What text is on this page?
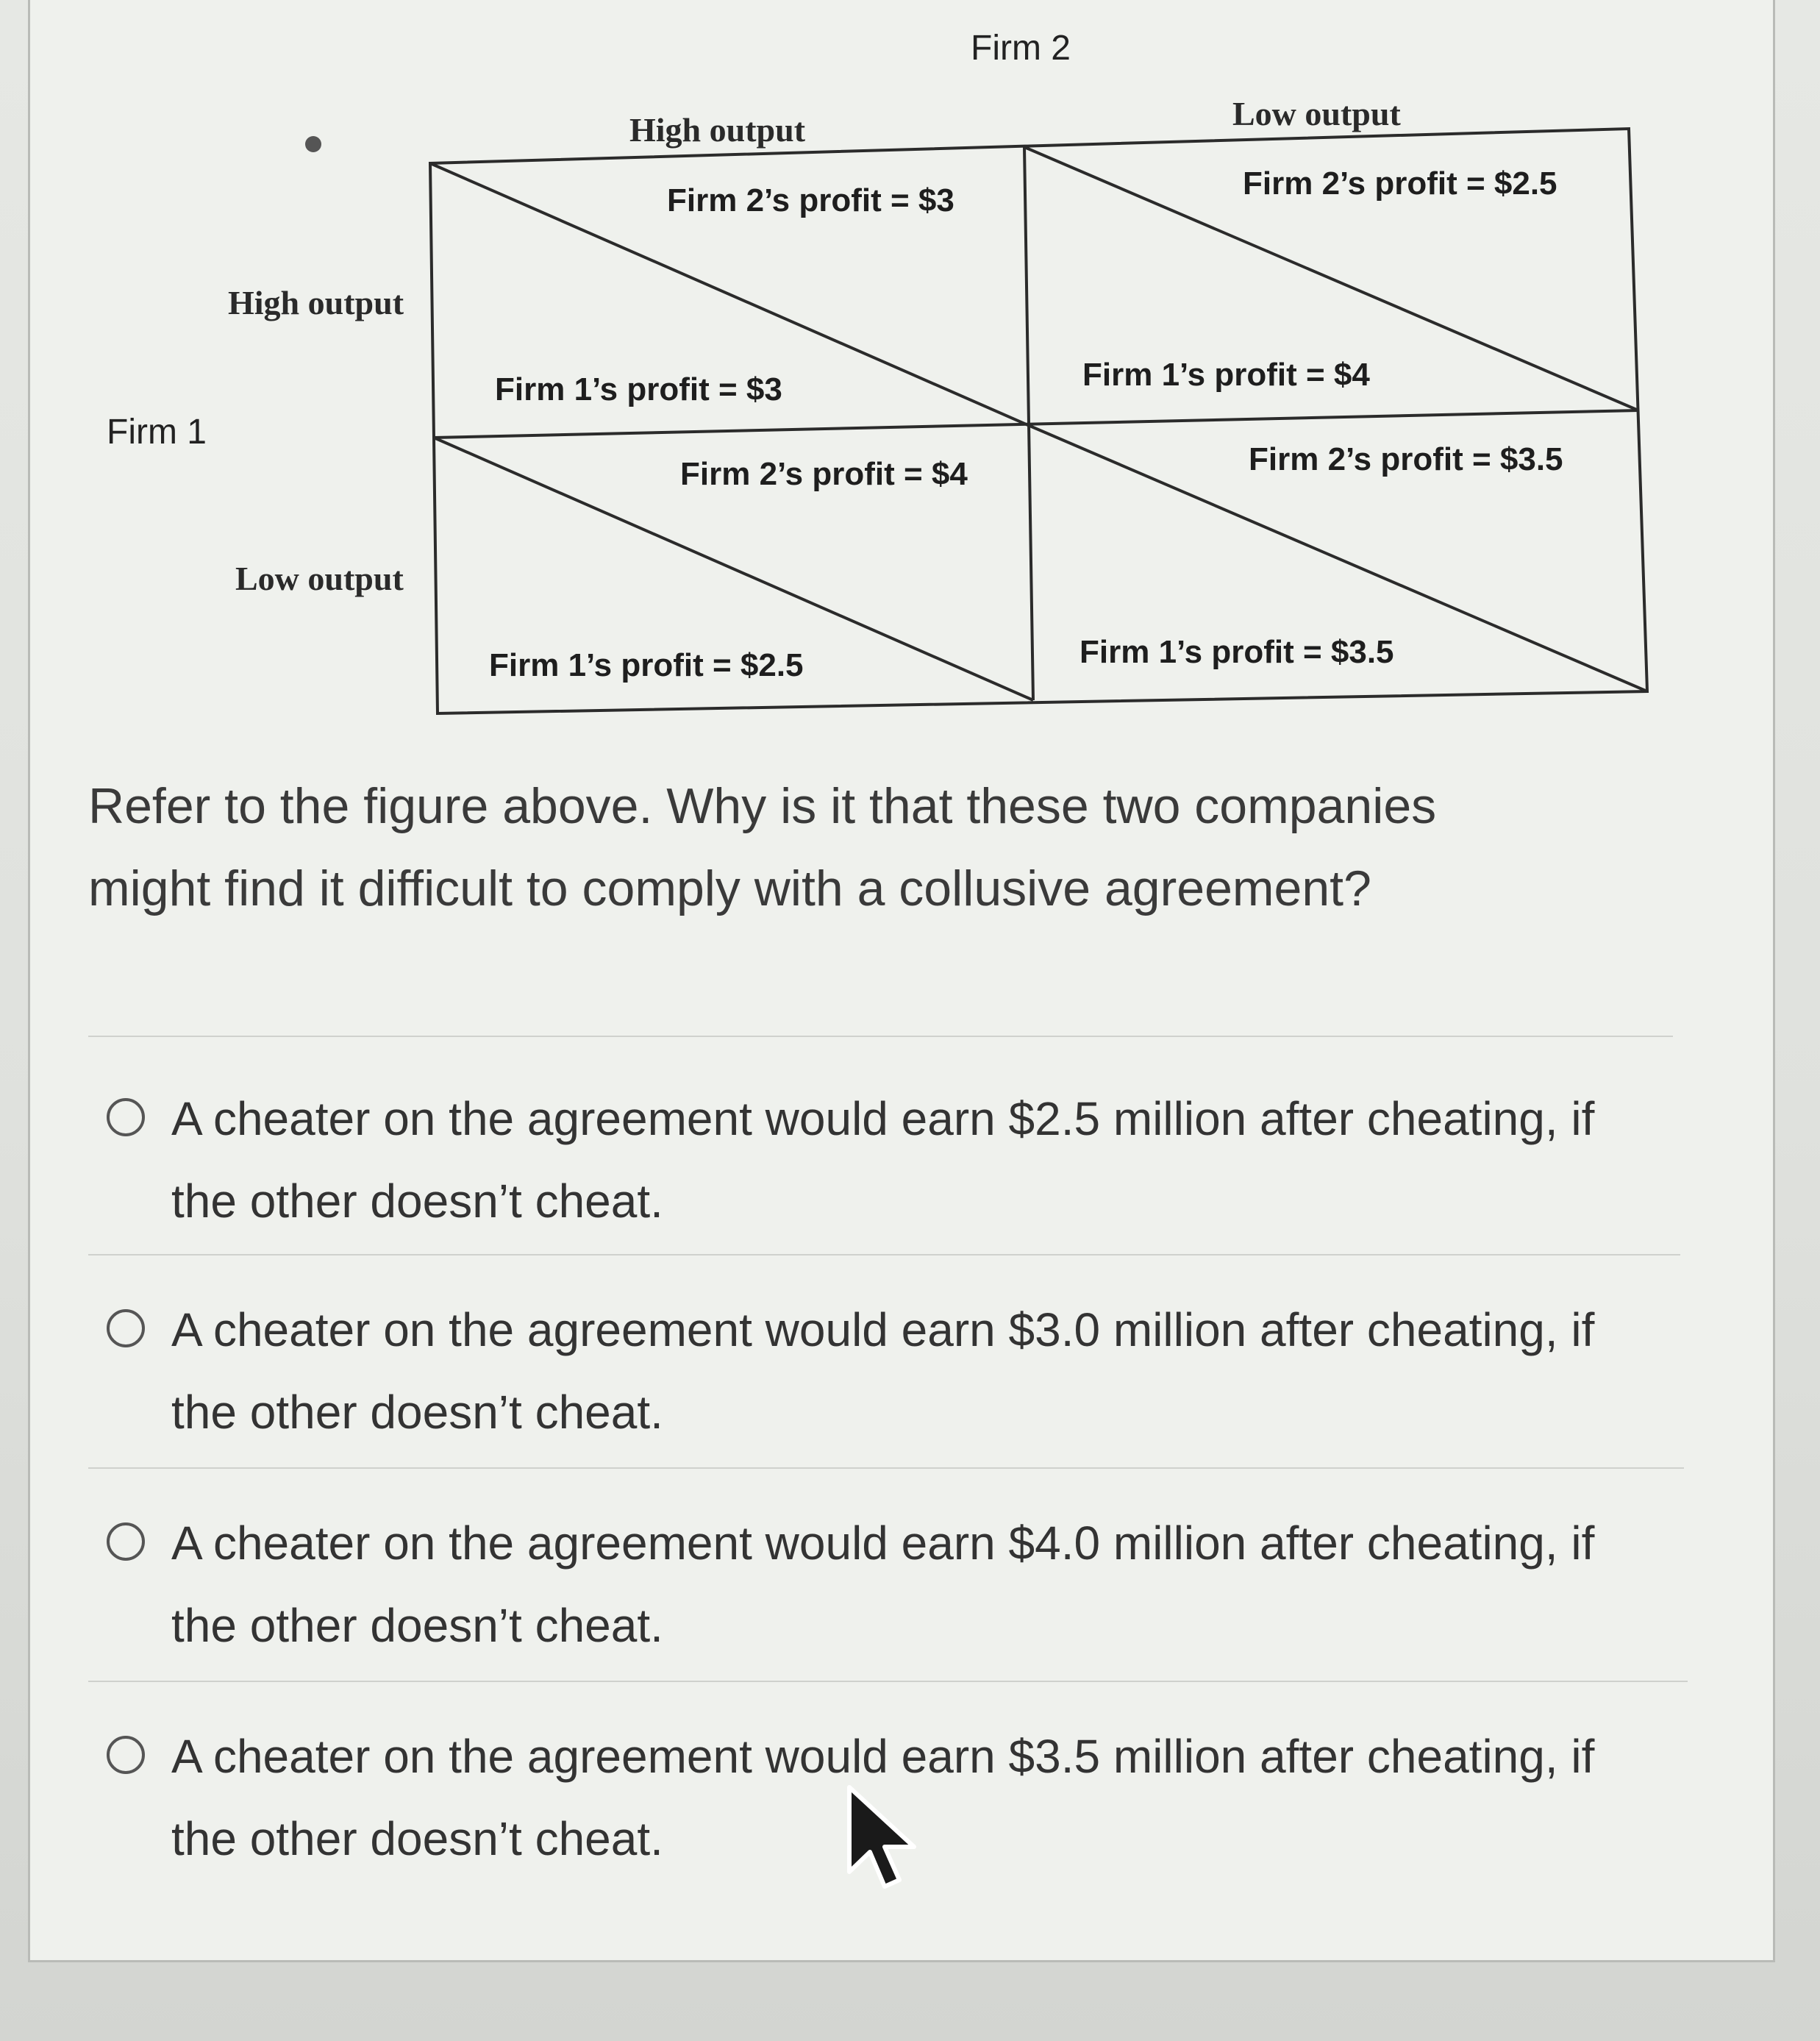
Firm 2
High output	Low output
High output
Low output
Firm 1
Firm 2’s profit = $3
Firm 1’s profit = $3
Firm 2’s profit = $2.5
Firm 1’s profit = $4
Firm 2’s profit = $4
Firm 1’s profit = $2.5
Firm 2’s profit = $3.5
Firm 1’s profit = $3.5
Refer to the figure above. Why is it that these two companies
might find it difficult to comply with a collusive agreement?
A cheater on the agreement would earn $2.5 million after cheating, if
the other doesn’t cheat.
A cheater on the agreement would earn $3.0 million after cheating, if
the other doesn’t cheat.
A cheater on the agreement would earn $4.0 million after cheating, if
the other doesn’t cheat.
A cheater on the agreement would earn $3.5 million after cheating, if
the other doesn’t cheat.
